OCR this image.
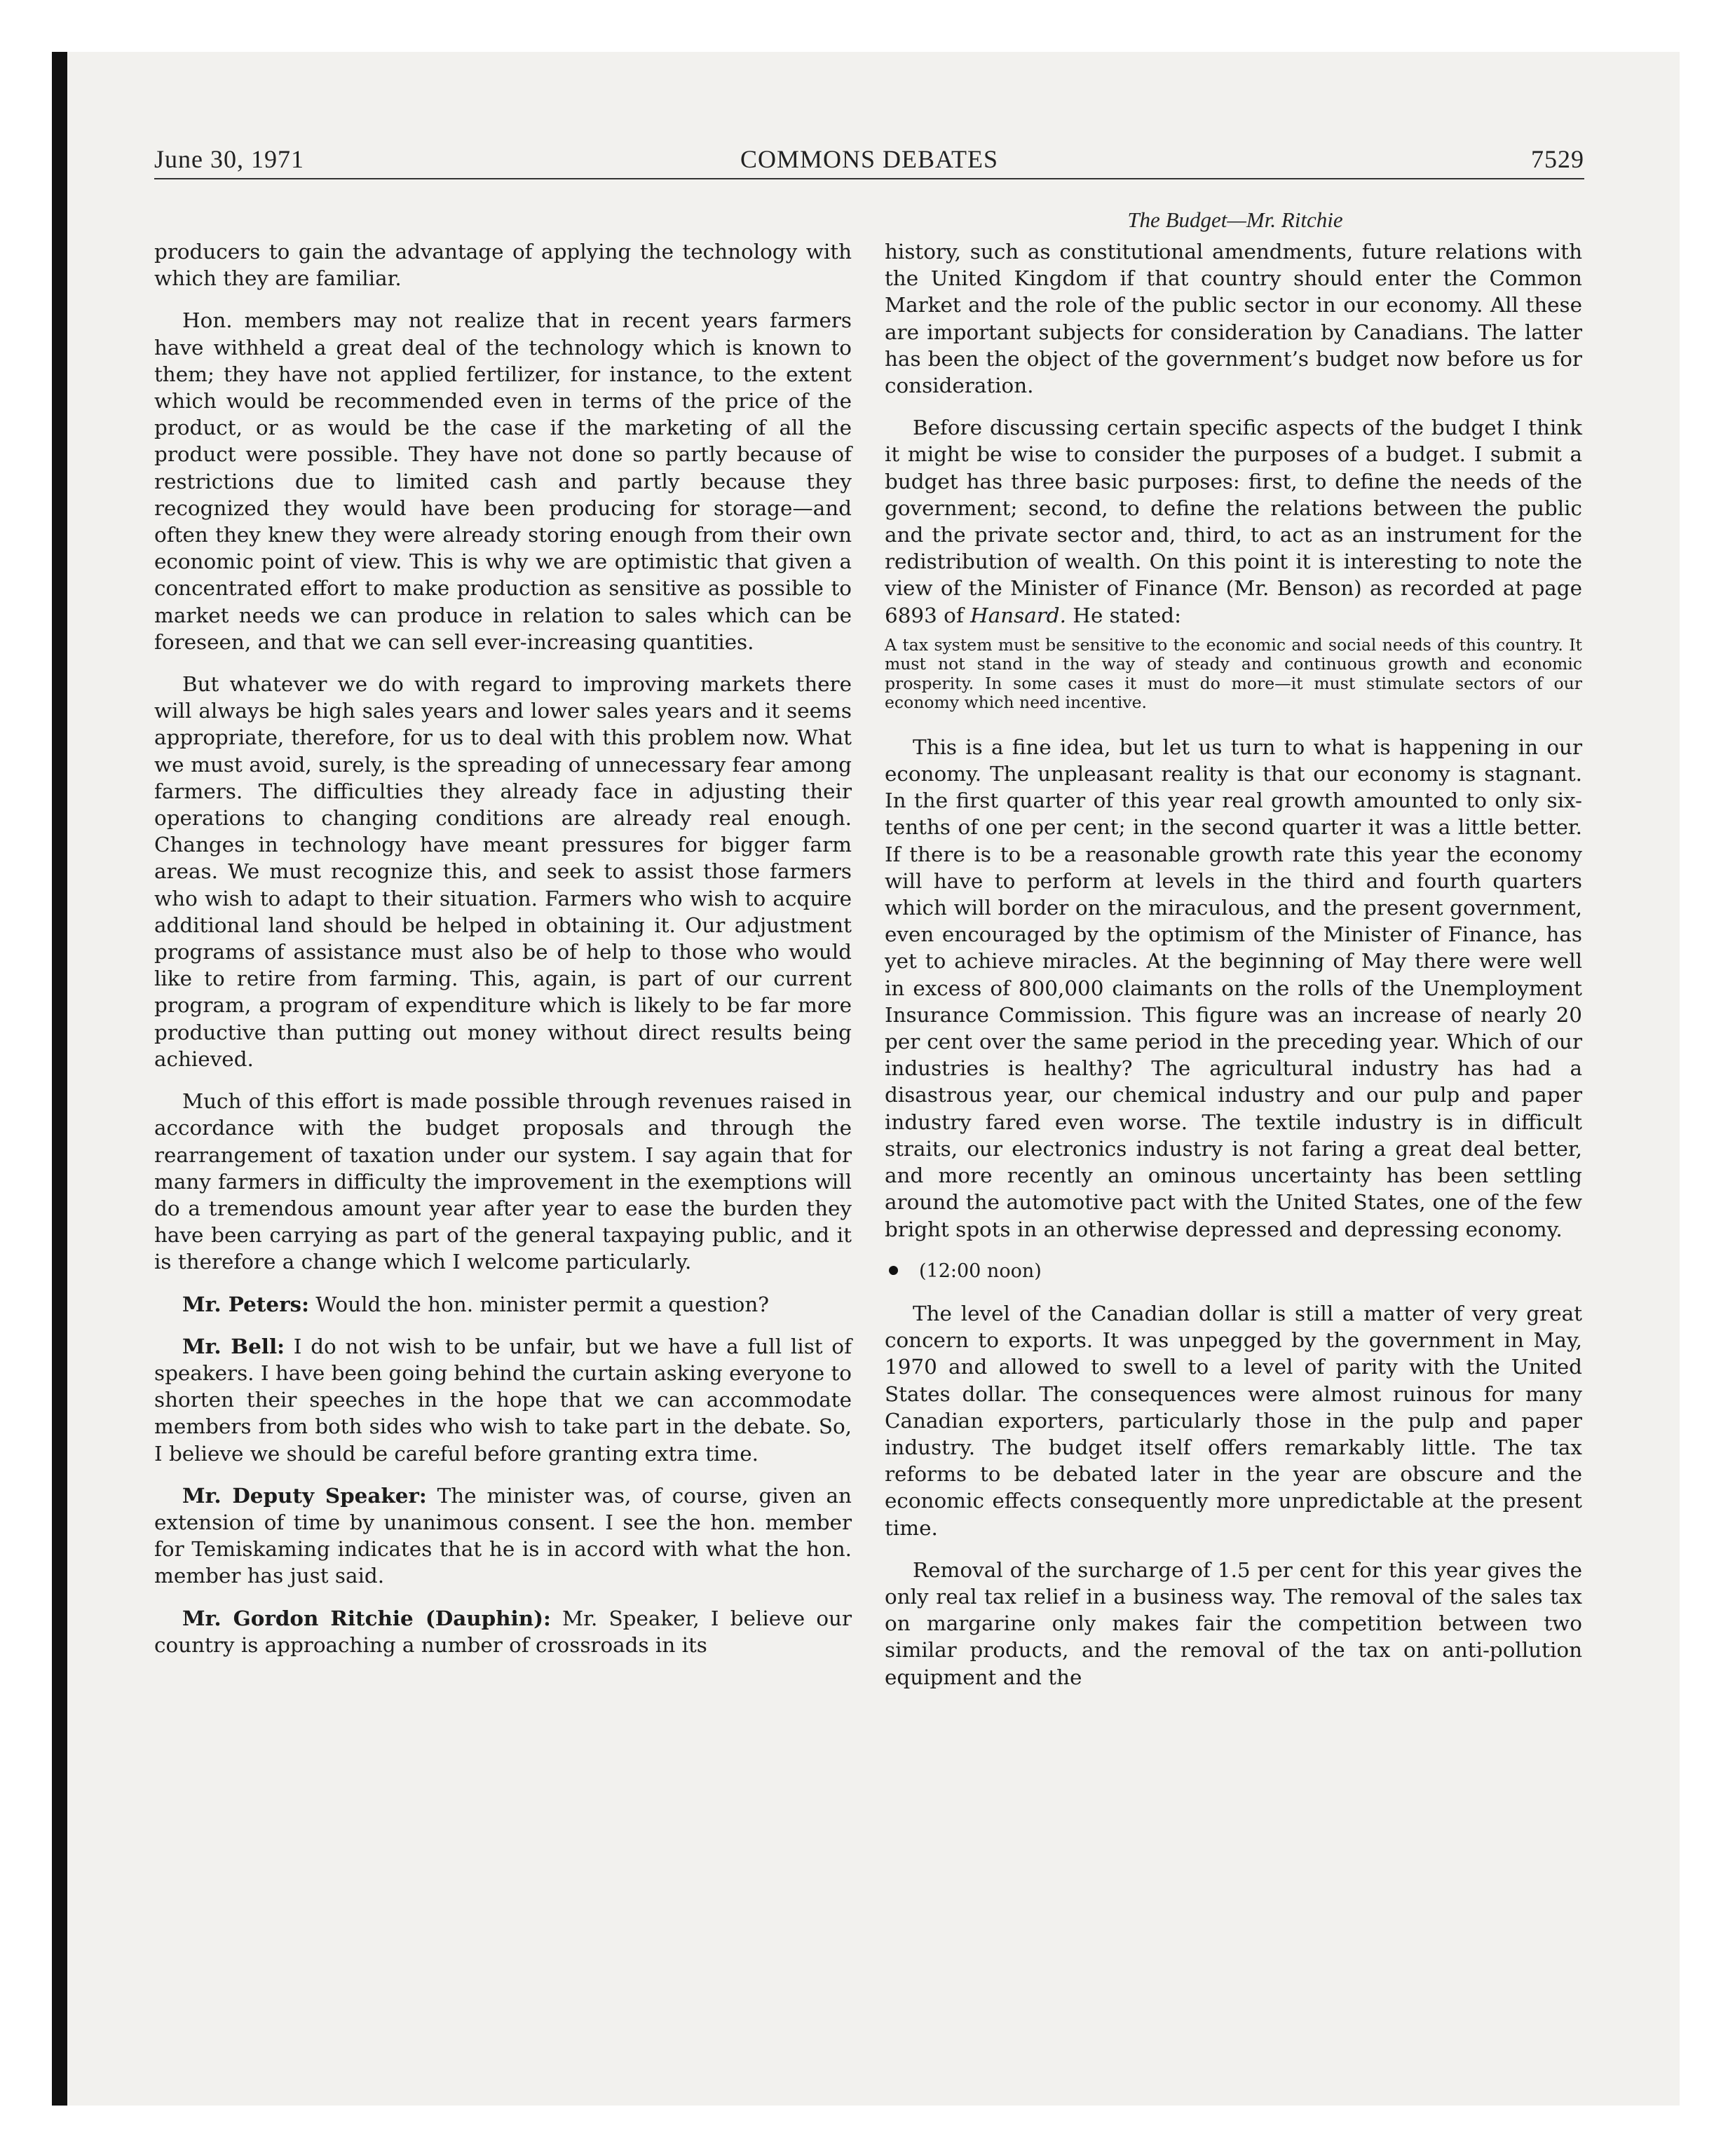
June 30, 1971	COMMONS DEBATES	7529
The Budget—Mr. Ritchie

producers to gain the advantage of applying the technology with which they are familiar.

Hon. members may not realize that in recent years farmers have withheld a great deal of the technology which is known to them; they have not applied fertilizer, for instance, to the extent which would be recommended even in terms of the price of the product, or as would be the case if the marketing of all the product were possible. They have not done so partly because of restrictions due to limited cash and partly because they recognized they would have been producing for storage—and often they knew they were already storing enough from their own economic point of view. This is why we are optimistic that given a concentrated effort to make production as sensitive as possible to market needs we can produce in relation to sales which can be foreseen, and that we can sell ever-increasing quantities.

But whatever we do with regard to improving markets there will always be high sales years and lower sales years and it seems appropriate, therefore, for us to deal with this problem now. What we must avoid, surely, is the spreading of unnecessary fear among farmers. The difficulties they already face in adjusting their operations to changing conditions are already real enough. Changes in technology have meant pressures for bigger farm areas. We must recognize this, and seek to assist those farmers who wish to adapt to their situation. Farmers who wish to acquire additional land should be helped in obtaining it. Our adjustment programs of assistance must also be of help to those who would like to retire from farming. This, again, is part of our current program, a program of expenditure which is likely to be far more productive than putting out money without direct results being achieved.

Much of this effort is made possible through revenues raised in accordance with the budget proposals and through the rearrangement of taxation under our system. I say again that for many farmers in difficulty the improvement in the exemptions will do a tremendous amount year after year to ease the burden they have been carrying as part of the general taxpaying public, and it is therefore a change which I welcome particularly.

Mr. Peters: Would the hon. minister permit a question?

Mr. Bell: I do not wish to be unfair, but we have a full list of speakers. I have been going behind the curtain asking everyone to shorten their speeches in the hope that we can accommodate members from both sides who wish to take part in the debate. So, I believe we should be careful before granting extra time.

Mr. Deputy Speaker: The minister was, of course, given an extension of time by unanimous consent. I see the hon. member for Temiskaming indicates that he is in accord with what the hon. member has just said.

Mr. Gordon Ritchie (Dauphin): Mr. Speaker, I believe our country is approaching a number of crossroads in its

history, such as constitutional amendments, future relations with the United Kingdom if that country should enter the Common Market and the role of the public sector in our economy. All these are important subjects for consideration by Canadians. The latter has been the object of the government’s budget now before us for consideration.

Before discussing certain specific aspects of the budget I think it might be wise to consider the purposes of a budget. I submit a budget has three basic purposes: first, to define the needs of the government; second, to define the relations between the public and the private sector and, third, to act as an instrument for the redistribution of wealth. On this point it is interesting to note the view of the Minister of Finance (Mr. Benson) as recorded at page 6893 of Hansard. He stated:

A tax system must be sensitive to the economic and social needs of this country. It must not stand in the way of steady and continuous growth and economic prosperity. In some cases it must do more—it must stimulate sectors of our economy which need incentive.

This is a fine idea, but let us turn to what is happening in our economy. The unpleasant reality is that our economy is stagnant. In the first quarter of this year real growth amounted to only six-tenths of one per cent; in the second quarter it was a little better. If there is to be a reasonable growth rate this year the economy will have to perform at levels in the third and fourth quarters which will border on the miraculous, and the present government, even encouraged by the optimism of the Minister of Finance, has yet to achieve miracles. At the beginning of May there were well in excess of 800,000 claimants on the rolls of the Unemployment Insurance Commission. This figure was an increase of nearly 20 per cent over the same period in the preceding year. Which of our industries is healthy? The agricultural industry has had a disastrous year, our chemical industry and our pulp and paper industry fared even worse. The textile industry is in difficult straits, our electronics industry is not faring a great deal better, and more recently an ominous uncertainty has been settling around the automotive pact with the United States, one of the few bright spots in an otherwise depressed and depressing economy.

(12:00 noon)

The level of the Canadian dollar is still a matter of very great concern to exports. It was unpegged by the government in May, 1970 and allowed to swell to a level of parity with the United States dollar. The consequences were almost ruinous for many Canadian exporters, particularly those in the pulp and paper industry. The budget itself offers remarkably little. The tax reforms to be debated later in the year are obscure and the economic effects consequently more unpredictable at the present time.

Removal of the surcharge of 1.5 per cent for this year gives the only real tax relief in a business way. The removal of the sales tax on margarine only makes fair the competition between two similar products, and the removal of the tax on anti-pollution equipment and the
